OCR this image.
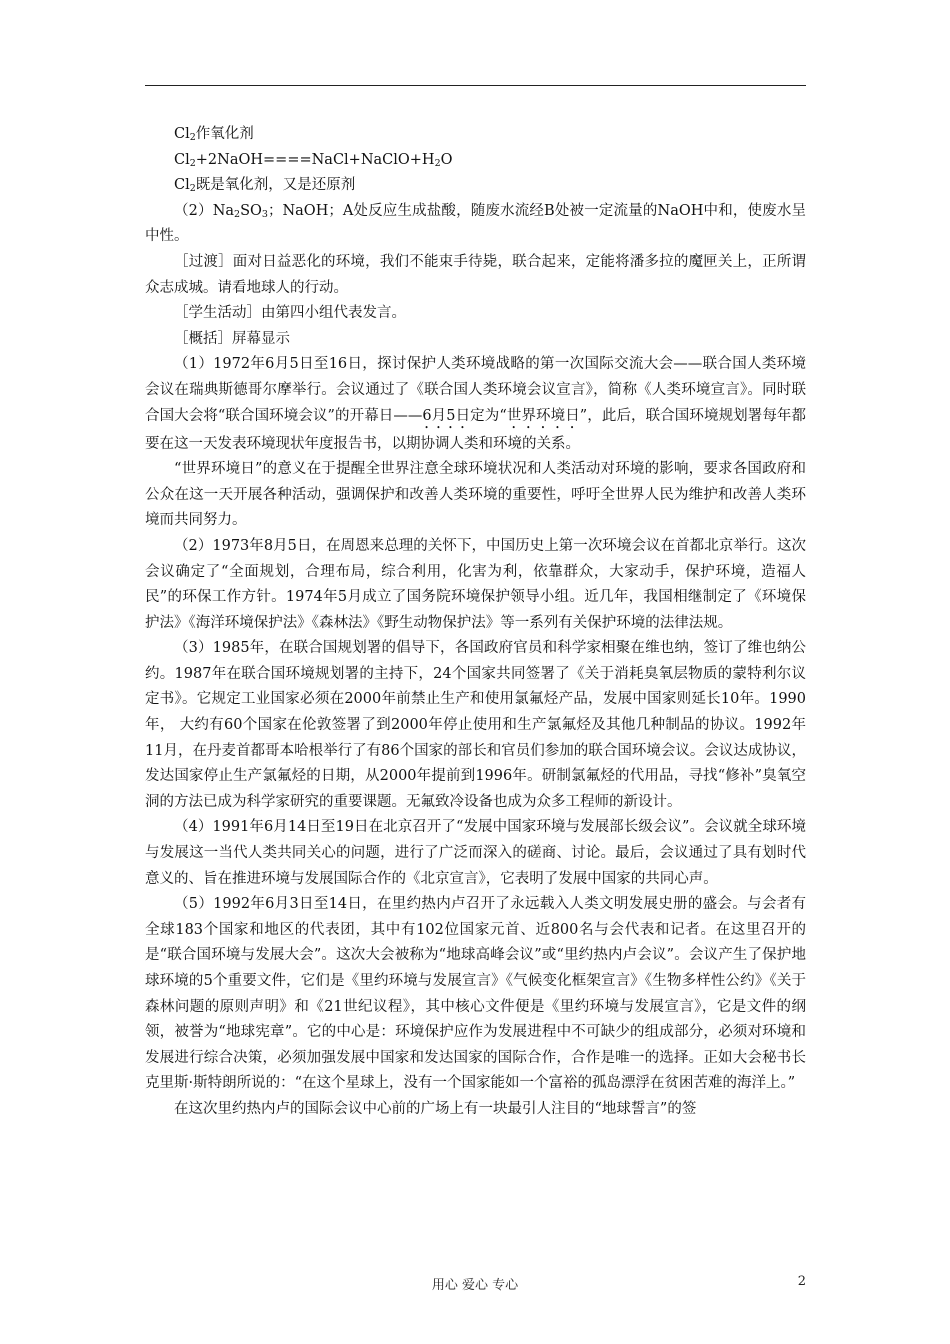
$Cl_2$作氧化剂

$Cl_2+2NaOH====NaCl+NaClO+H_2O$

$Cl_2$既是氧化剂，又是还原剂

$(2)Na_2SO_3$；NaOH；A处反应生成盐酸，随废水流经B处被一定流量的NaOH中和，使废水呈中性。

［过渡］面对日益恶化的环境，我们不能束手待毙，联合起来，定能将潘多拉的魔匣关上，正所谓众志成城。请看地球人的行动。

［学生活动］由第四小组代表发言。

［概括］屏幕显示

（1）1972年6月5日至16日，探讨保护人类环境战略的第一次国际交流大会——联合国人类环境会议在瑞典斯德哥尔摩举行。会议通过了《联合国人类环境会议宣言》，简称《人类环境宣言》。同时联合国大会将“联合国环境会议”的开幕日——6月5日定为“世界环境日”，此后，联合国环境规划署每年都要在这一天发表环境现状年度报告书，以期协调人类和环境的关系。

“世界环境日”的意义在于提醒全世界注意全球环境状况和人类活动对环境的影响，要求各国政府和公众在这一天开展各种活动，强调保护和改善人类环境的重要性，呼吁全世界人民为维护和改善人类环境而共同努力。

（2）1973年8月5日，在周恩来总理的关怀下，中国历史上第一次环境会议在首都北京举行。这次会议确定了“全面规划，合理布局，综合利用，化害为利，依靠群众，大家动手，保护环境，造福人民”的环保工作方针。1974年5月成立了国务院环境保护领导小组。近几年，我国相继制定了《环境保护法》《海洋环境保护法》《森林法》《野生动物保护法》等一系列有关保护环境的法律法规。

（3）1985年，在联合国规划署的倡导下，各国政府官员和科学家相聚在维也纳，签订了维也纳公约。1987年在联合国环境规划署的主持下，24个国家共同签署了《关于消耗臭氧层物质的蒙特利尔议定书》。它规定工业国家必须在2000年前禁止生产和使用氯氟烃产品，发展中国家则延长10年。1990年， 大约有60个国家在伦敦签署了到2000年停止使用和生产氯氟烃及其他几种制品的协议。1992年11月，在丹麦首都哥本哈根举行了有86个国家的部长和官员们参加的联合国环境会议。会议达成协议，发达国家停止生产氯氟烃的日期，从2000年提前到1996年。研制氯氟烃的代用品，寻找“修补”臭氧空洞的方法已成为科学家研究的重要课题。无氟致冷设备也成为众多工程师的新设计。

（4）1991年6月14日至19日在北京召开了“发展中国家环境与发展部长级会议”。会议就全球环境与发展这一当代人类共同关心的问题，进行了广泛而深入的磋商、讨论。最后，会议通过了具有划时代意义的、旨在推进环境与发展国际合作的《北京宣言》，它表明了发展中国家的共同心声。

（5）1992年6月3日至14日，在里约热内卢召开了永远载入人类文明发展史册的盛会。与会者有全球183个国家和地区的代表团，其中有102位国家元首、近800名与会代表和记者。在这里召开的是“联合国环境与发展大会”。这次大会被称为“地球高峰会议”或“里约热内卢会议”。会议产生了保护地球环境的5个重要文件，它们是《里约环境与发展宣言》《气候变化框架宣言》《生物多样性公约》《关于森林问题的原则声明》和《21世纪议程》，其中核心文件便是《里约环境与发展宣言》，它是文件的纲领，被誉为“地球宪章”。它的中心是：环境保护应作为发展进程中不可缺少的组成部分，必须对环境和发展进行综合决策，必须加强发展中国家和发达国家的国际合作，合作是唯一的选择。正如大会秘书长克里斯·斯特朗所说的：“在这个星球上，没有一个国家能如一个富裕的孤岛漂浮在贫困苦难的海洋上。”

在这次里约热内卢的国际会议中心前的广场上有一块最引人注目的“地球誓言”的签

用心 爱心 专心	2
